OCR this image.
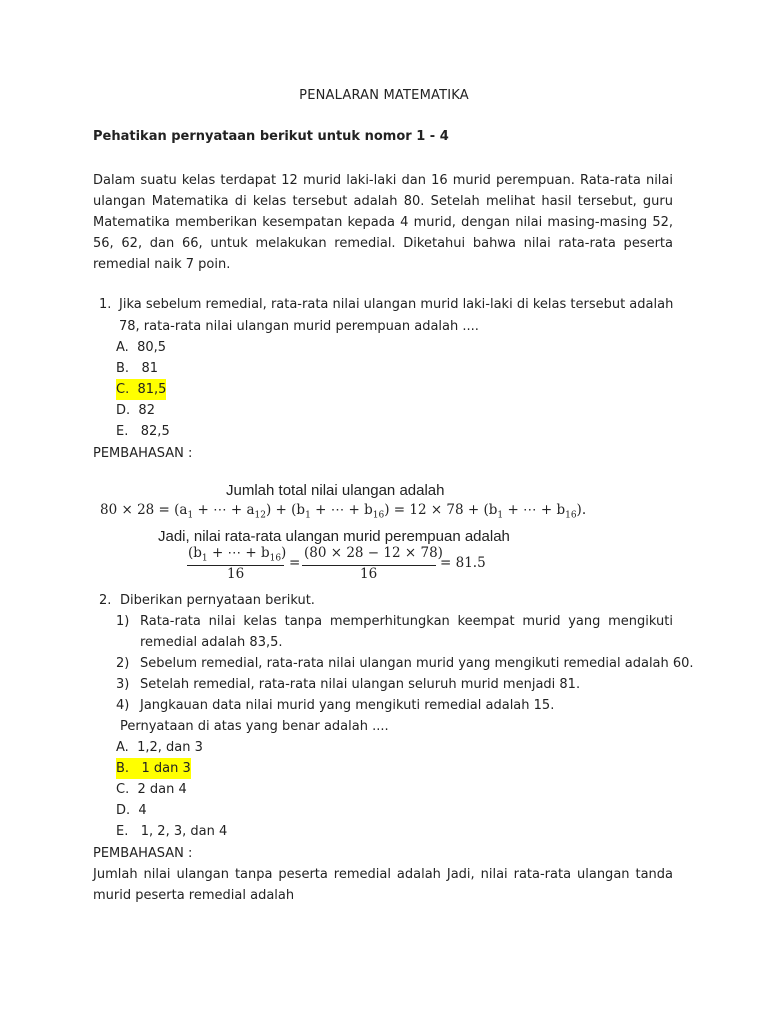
PENALARAN MATEMATIKA
Pehatikan pernyataan berikut untuk nomor 1 - 4

Dalam suatu kelas terdapat 12 murid laki-laki dan 16 murid perempuan. Rata-rata nilai ulangan Matematika di kelas tersebut adalah 80. Setelah melihat hasil tersebut, guru Matematika memberikan kesempatan kepada 4 murid, dengan nilai masing-masing 52, 56, 62, dan 66, untuk melakukan remedial. Diketahui bahwa nilai rata-rata peserta remedial naik 7 poin.

1. Jika sebelum remedial, rata-rata nilai ulangan murid laki-laki di kelas tersebut adalah
78, rata-rata nilai ulangan murid perempuan adalah ....
A. 80,5
B. 81
C. 81,5
D. 82
E. 82,5
PEMBAHASAN :
Jumlah total nilai ulangan adalah
$80 \times 28 = (a_1$ + ⋯ + $a_{12}) + (b_1$ + ⋯ + $b_{16}) = 12 \times 78 + (b_1$ + ⋯ + $b_{16}$).
Jadi, nilai rata-rata ulangan murid perempuan adalah
($b_1$ + ⋯ + $b_{16}$)
16
=
(80 × 28 − 12 × 78)
16
= 81.5
2. Diberikan pernyataan berikut.
1) Rata-rata nilai kelas tanpa memperhitungkan keempat murid yang mengikuti
remedial adalah 83,5.
2) Sebelum remedial, rata-rata nilai ulangan murid yang mengikuti remedial adalah 60.
3) Setelah remedial, rata-rata nilai ulangan seluruh murid menjadi 81.
4) Jangkauan data nilai murid yang mengikuti remedial adalah 15.
Pernyataan di atas yang benar adalah ....
A. 1,2, dan 3
B. 1 dan 3
C. 2 dan 4
D. 4
E. 1, 2, 3, dan 4
PEMBAHASAN :

Jumlah nilai ulangan tanpa peserta remedial adalah Jadi, nilai rata-rata ulangan tanda murid peserta remedial adalah
